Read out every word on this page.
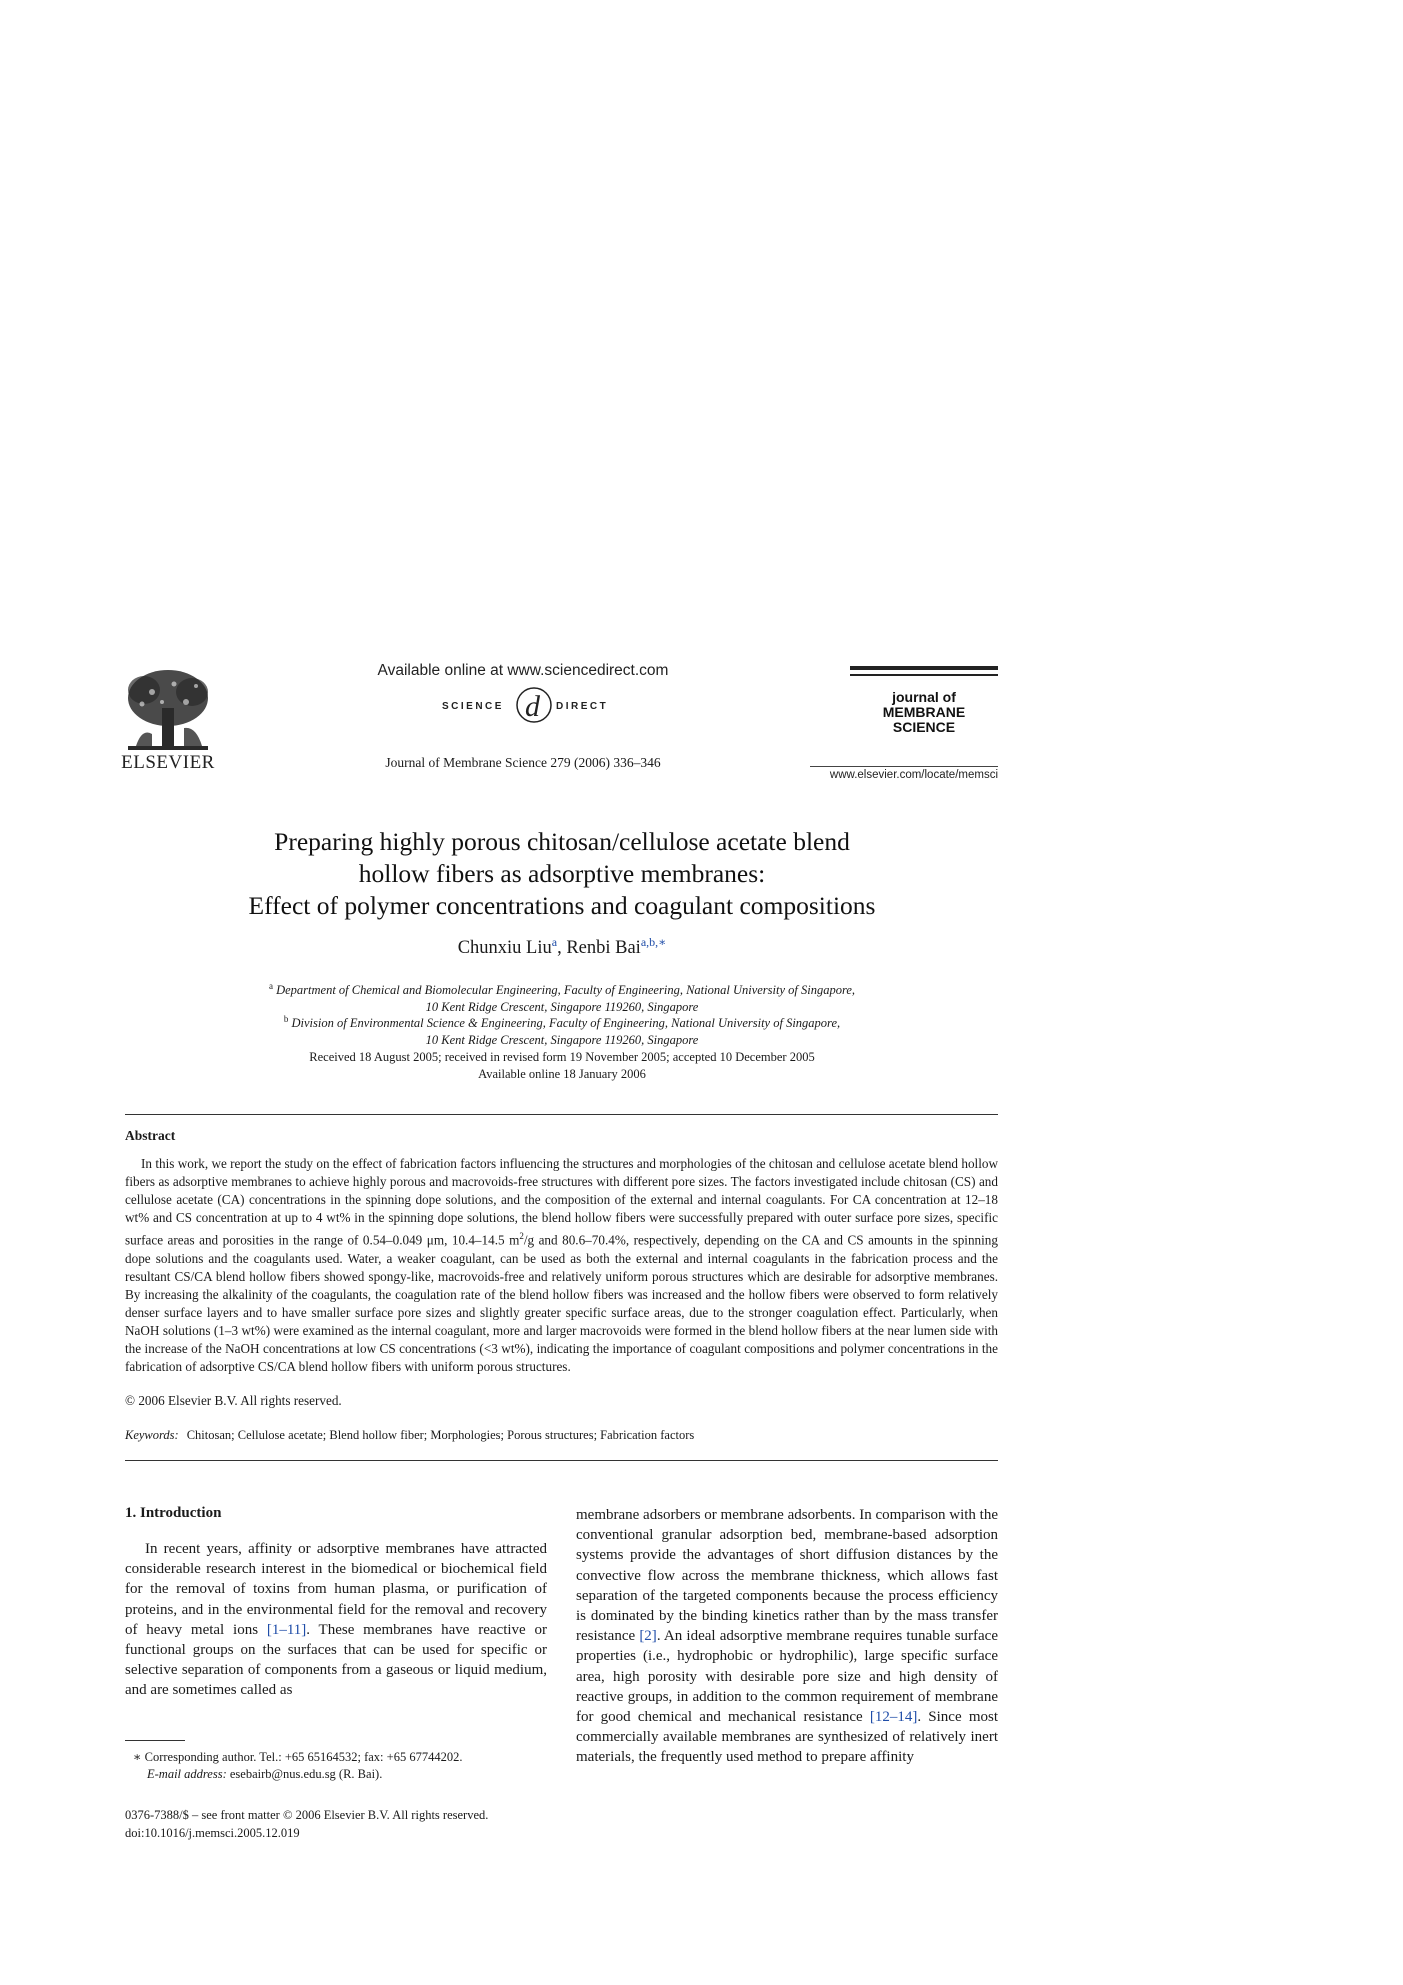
ELSEVIER
Available online at www.sciencedirect.com
SCIENCE d DIRECT
Journal of Membrane Science 279 (2006) 336–346
journal of
MEMBRANE
SCIENCE
www.elsevier.com/locate/memsci
Preparing highly porous chitosan/cellulose acetate blend
hollow fibers as adsorptive membranes:
Effect of polymer concentrations and coagulant compositions
Chunxiu Liu$^a$, Renbi Bai$^{a,b,∗}$
$^a$ Department of Chemical and Biomolecular Engineering, Faculty of Engineering, National University of Singapore,
10 Kent Ridge Crescent, Singapore 119260, Singapore
$^b$ Division of Environmental Science & Engineering, Faculty of Engineering, National University of Singapore,
10 Kent Ridge Crescent, Singapore 119260, Singapore
Received 18 August 2005; received in revised form 19 November 2005; accepted 10 December 2005
Available online 18 January 2006
Abstract
In this work, we report the study on the effect of fabrication factors influencing the structures and morphologies of the chitosan and cellulose acetate blend hollow fibers as adsorptive membranes to achieve highly porous and macrovoids-free structures with different pore sizes. The factors investigated include chitosan (CS) and cellulose acetate (CA) concentrations in the spinning dope solutions, and the composition of the external and internal coagulants. For CA concentration at 12–18 wt% and CS concentration at up to 4 wt% in the spinning dope solutions, the blend hollow fibers were successfully prepared with outer surface pore sizes, specific surface areas and porosities in the range of 0.54–0.049 μm, 10.4–14.5 $m^2/g$ and 80.6–70.4%, respectively, depending on the CA and CS amounts in the spinning dope solutions and the coagulants used. Water, a weaker coagulant, can be used as both the external and internal coagulants in the fabrication process and the resultant CS/CA blend hollow fibers showed spongy-like, macrovoids-free and relatively uniform porous structures which are desirable for adsorptive membranes. By increasing the alkalinity of the coagulants, the coagulation rate of the blend hollow fibers was increased and the hollow fibers were observed to form relatively denser surface layers and to have smaller surface pore sizes and slightly greater specific surface areas, due to the stronger coagulation effect. Particularly, when NaOH solutions (1–3 wt%) were examined as the internal coagulant, more and larger macrovoids were formed in the blend hollow fibers at the near lumen side with the increase of the NaOH concentrations at low CS concentrations (<3 wt%), indicating the importance of coagulant compositions and polymer concentrations in the fabrication of adsorptive CS/CA blend hollow fibers with uniform porous structures.
© 2006 Elsevier B.V. All rights reserved.
Keywords: Chitosan; Cellulose acetate; Blend hollow fiber; Morphologies; Porous structures; Fabrication factors
1. Introduction
In recent years, affinity or adsorptive membranes have attracted considerable research interest in the biomedical or biochemical field for the removal of toxins from human plasma, or purification of proteins, and in the environmental field for the removal and recovery of heavy metal ions [1–11]. These membranes have reactive or functional groups on the surfaces that can be used for specific or selective separation of components from a gaseous or liquid medium, and are sometimes called as
membrane adsorbers or membrane adsorbents. In comparison with the conventional granular adsorption bed, membrane-based adsorption systems provide the advantages of short diffusion distances by the convective flow across the membrane thickness, which allows fast separation of the targeted components because the process efficiency is dominated by the binding kinetics rather than by the mass transfer resistance [2]. An ideal adsorptive membrane requires tunable surface properties (i.e., hydrophobic or hydrophilic), large specific surface area, high porosity with desirable pore size and high density of reactive groups, in addition to the common requirement of membrane for good chemical and mechanical resistance [12–14]. Since most commercially available membranes are synthesized of relatively inert materials, the frequently used method to prepare affinity
∗ Corresponding author. Tel.: +65 65164532; fax: +65 67744202.
E-mail address: esebairb@nus.edu.sg (R. Bai).
0376-7388/$ – see front matter © 2006 Elsevier B.V. All rights reserved.
doi:10.1016/j.memsci.2005.12.019
